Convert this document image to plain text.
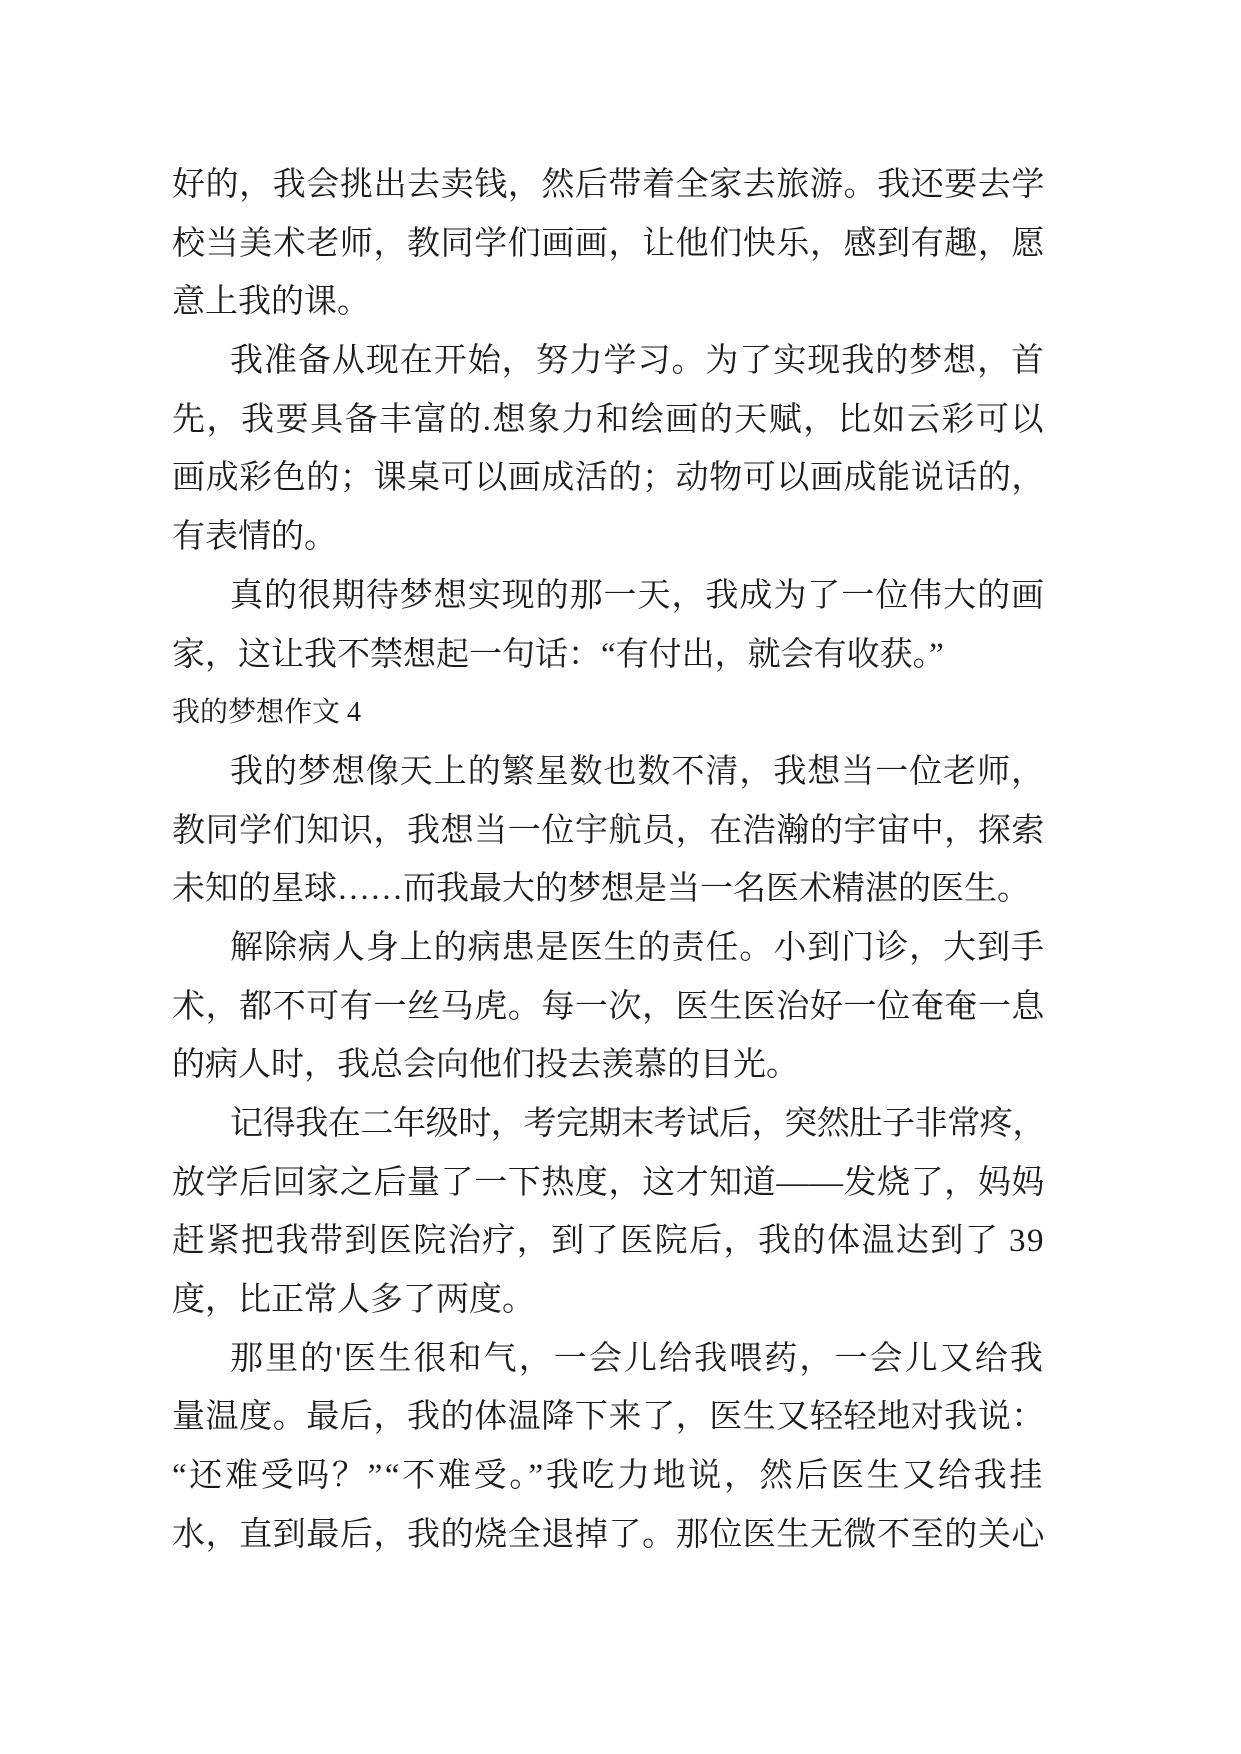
好的，我会挑出去卖钱，然后带着全家去旅游。我还要去学
校当美术老师，教同学们画画，让他们快乐，感到有趣，愿
意上我的课。
我准备从现在开始，努力学习。为了实现我的梦想，首
先，我要具备丰富的.想象力和绘画的天赋，比如云彩可以
画成彩色的；课桌可以画成活的；动物可以画成能说话的，
有表情的。
真的很期待梦想实现的那一天，我成为了一位伟大的画
家，这让我不禁想起一句话：“有付出，就会有收获。”
我的梦想作文 4
我的梦想像天上的繁星数也数不清，我想当一位老师，
教同学们知识，我想当一位宇航员，在浩瀚的宇宙中，探索
未知的星球……而我最大的梦想是当一名医术精湛的医生。
解除病人身上的病患是医生的责任。小到门诊，大到手
术，都不可有一丝马虎。每一次，医生医治好一位奄奄一息
的病人时，我总会向他们投去羡慕的目光。
记得我在二年级时，考完期末考试后，突然肚子非常疼，
放学后回家之后量了一下热度，这才知道——发烧了，妈妈
赶紧把我带到医院治疗，到了医院后，我的体温达到了 39
度，比正常人多了两度。
那里的'医生很和气，一会儿给我喂药，一会儿又给我
量温度。最后，我的体温降下来了，医生又轻轻地对我说：
“还难受吗？”“不难受。”我吃力地说，然后医生又给我挂
水，直到最后，我的烧全退掉了。那位医生无微不至的关心
